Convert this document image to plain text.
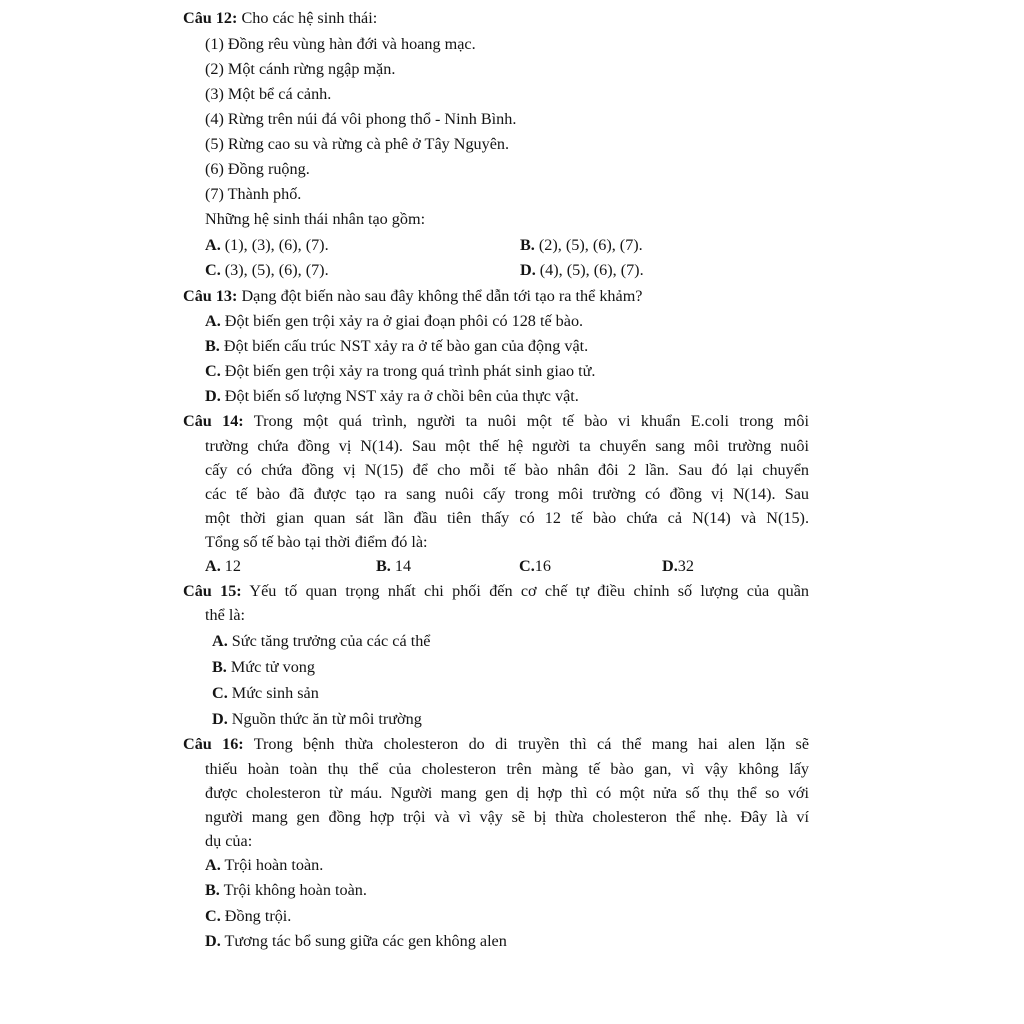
Câu 12: Cho các hệ sinh thái:
(1) Đồng rêu vùng hàn đới và hoang mạc.
(2) Một cánh rừng ngập mặn.
(3) Một bể cá cảnh.
(4) Rừng trên núi đá vôi phong thổ - Ninh Bình.
(5) Rừng cao su và rừng cà phê ở Tây Nguyên.
(6) Đồng ruộng.
(7) Thành phố.
Những hệ sinh thái nhân tạo gồm:
A. (1), (3), (6), (7).	B. (2), (5), (6), (7).
C. (3), (5), (6), (7).	D. (4), (5), (6), (7).
Câu 13: Dạng đột biến nào sau đây không thể dẫn tới tạo ra thể khảm?
A. Đột biến gen trội xảy ra ở giai đoạn phôi có 128 tế bào.
B. Đột biến cấu trúc NST xảy ra ở tế bào gan của động vật.
C. Đột biến gen trội xảy ra trong quá trình phát sinh giao tử.
D. Đột biến số lượng NST xảy ra ở chồi bên của thực vật.
Câu 14: Trong một quá trình, người ta nuôi một tế bào vi khuẩn E.coli trong môi
trường chứa đồng vị N(14). Sau một thế hệ người ta chuyển sang môi trường nuôi
cấy có chứa đồng vị N(15) để cho mỗi tế bào nhân đôi 2 lần. Sau đó lại chuyển
các tế bào đã được tạo ra sang nuôi cấy trong môi trường có đồng vị N(14). Sau
một thời gian quan sát lần đầu tiên thấy có 12 tế bào chứa cả N(14) và N(15).
Tổng số tế bào tại thời điểm đó là:
A. 12	B. 14	C.16	D.32
Câu 15: Yếu tố quan trọng nhất chi phối đến cơ chế tự điều chỉnh số lượng của quần
thể là:
A. Sức tăng trưởng của các cá thể
B. Mức tử vong
C. Mức sinh sản
D. Nguồn thức ăn từ môi trường
Câu 16: Trong bệnh thừa cholesteron do di truyền thì cá thể mang hai alen lặn sẽ
thiếu hoàn toàn thụ thể của cholesteron trên màng tế bào gan, vì vậy không lấy
được cholesteron từ máu. Người mang gen dị hợp thì có một nửa số thụ thể so với
người mang gen đồng hợp trội và vì vậy sẽ bị thừa cholesteron thể nhẹ. Đây là ví
dụ của:
A. Trội hoàn toàn.
B. Trội không hoàn toàn.
C. Đồng trội.
D. Tương tác bổ sung giữa các gen không alen
